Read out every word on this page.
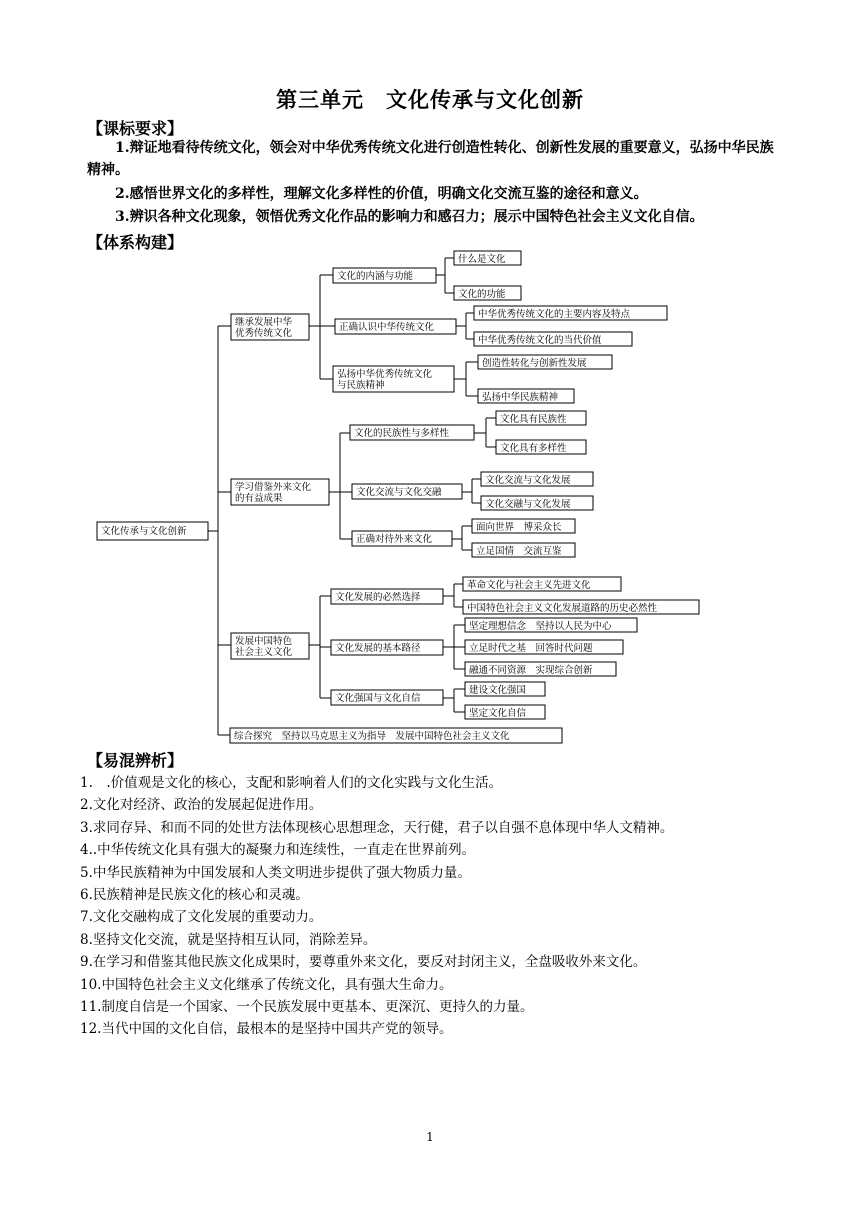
第三单元　文化传承与文化创新
【课标要求】
1.辩证地看待传统文化，领会对中华优秀传统文化进行创造性转化、创新性发展的重要意义，弘扬中华民族精神。
2.感悟世界文化的多样性，理解文化多样性的价值，明确文化交流互鉴的途径和意义。
3.辨识各种文化现象，领悟优秀文化作品的影响力和感召力；展示中国特色社会主义文化自信。
【体系构建】
文化传承与文化创新
继承发展中华
优秀传统文化
文化的内涵与功能
什么是文化
文化的功能
正确认识中华传统文化
中华优秀传统文化的主要内容及特点
中华优秀传统文化的当代价值
弘扬中华优秀传统文化
与民族精神
创造性转化与创新性发展
弘扬中华民族精神
学习借鉴外来文化
的有益成果
文化的民族性与多样性
文化具有民族性
文化具有多样性
文化交流与文化交融
文化交流与文化发展
文化交融与文化发展
正确对待外来文化
面向世界　博采众长
立足国情　交流互鉴
发展中国特色
社会主义文化
文化发展的必然选择
革命文化与社会主义先进文化
中国特色社会主义文化发展道路的历史必然性
文化发展的基本路径
坚定理想信念　坚持以人民为中心
立足时代之基　回答时代问题
融通不同资源　实现综合创新
文化强国与文化自信
建设文化强国
坚定文化自信
综合探究　坚持以马克思主义为指导　发展中国特色社会主义文化
【易混辨析】
1.　.价值观是文化的核心，支配和影响着人们的文化实践与文化生活。
2.文化对经济、政治的发展起促进作用。
3.求同存异、和而不同的处世方法体现核心思想理念，天行健，君子以自强不息体现中华人文精神。
4..中华传统文化具有强大的凝聚力和连续性，一直走在世界前列。
5.中华民族精神为中国发展和人类文明进步提供了强大物质力量。
6.民族精神是民族文化的核心和灵魂。
7.文化交融构成了文化发展的重要动力。
8.坚持文化交流，就是坚持相互认同，消除差异。
9.在学习和借鉴其他民族文化成果时，要尊重外来文化，要反对封闭主义，全盘吸收外来文化。
10.中国特色社会主义文化继承了传统文化，具有强大生命力。
11.制度自信是一个国家、一个民族发展中更基本、更深沉、更持久的力量。
12.当代中国的文化自信，最根本的是坚持中国共产党的领导。
1
